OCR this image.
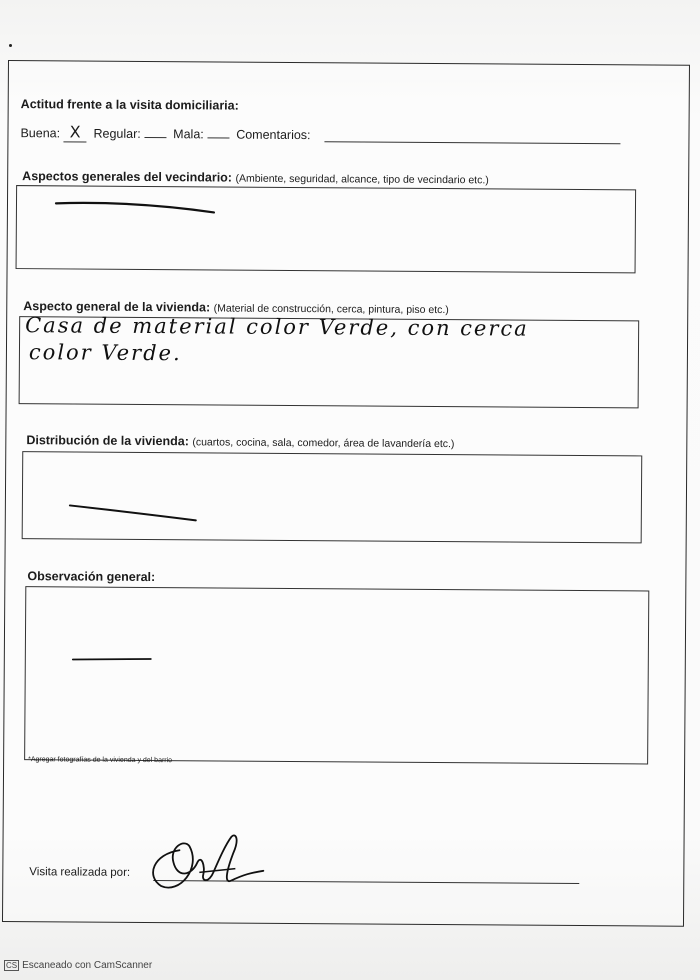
Actitud frente a la visita domiciliaria:
Buena: X Regular:	Mala:	Comentarios:
Aspectos generales del vecindario: (Ambiente, seguridad, alcance, tipo de vecindario etc.)
Aspecto general de la vivienda: (Material de construcción, cerca, pintura, piso etc.)
Casa de material color Verde, con cerca
color Verde.
Distribución de la vivienda: (cuartos, cocina, sala, comedor, área de lavandería etc.)
Observación general:
*Agregar fotografías de la vivienda y del barrio
Visita realizada por:
CS Escaneado con CamScanner
